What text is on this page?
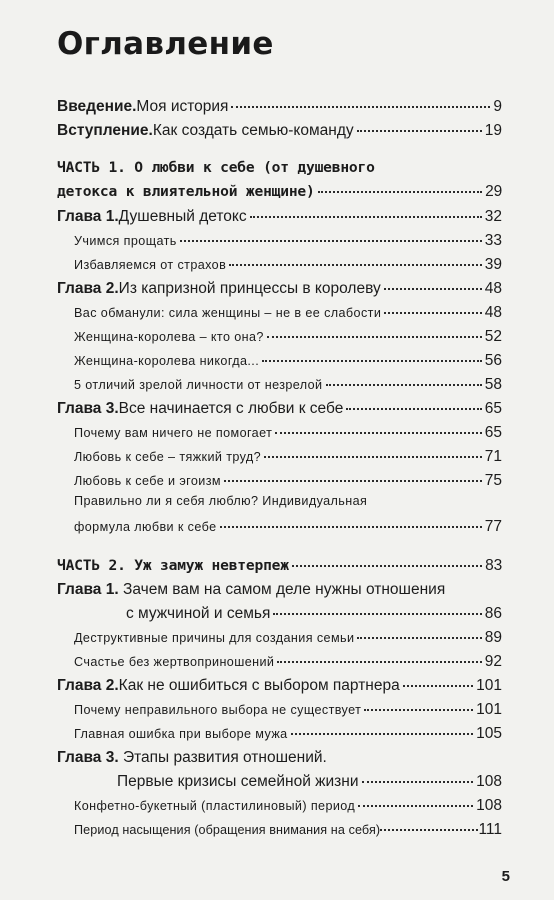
Оглавление
Введение. Моя история	9
Вступление. Как создать семью-команду	19
ЧАСТЬ 1. О любви к себе (от душевного
детокса к влиятельной женщине)	29
Глава 1. Душевный детокс	32
Учимся прощать	33
Избавляемся от страхов	39
Глава 2. Из капризной принцессы в королеву	48
Вас обманули: сила женщины – не в ее слабости	48
Женщина-королева – кто она?	52
Женщина-королева никогда...	56
5 отличий зрелой личности от незрелой	58
Глава 3. Все начинается с любви к себе	65
Почему вам ничего не помогает	65
Любовь к себе – тяжкий труд?	71
Любовь к себе и эгоизм	75
Правильно ли я себя люблю? Индивидуальная
формула любви к себе	77
ЧАСТЬ 2. Уж замуж невтерпеж	83
Глава 1. Зачем вам на самом деле нужны отношения
с мужчиной и семья	86
Деструктивные причины для создания семьи	89
Счастье без жертвоприношений	92
Глава 2. Как не ошибиться с выбором партнера	101
Почему неправильного выбора не существует	101
Главная ошибка при выборе мужа	105
Глава 3. Этапы развития отношений.
Первые кризисы семейной жизни	108
Конфетно-букетный (пластилиновый) период	108
Период насыщения (обращения внимания на себя)	111
5
